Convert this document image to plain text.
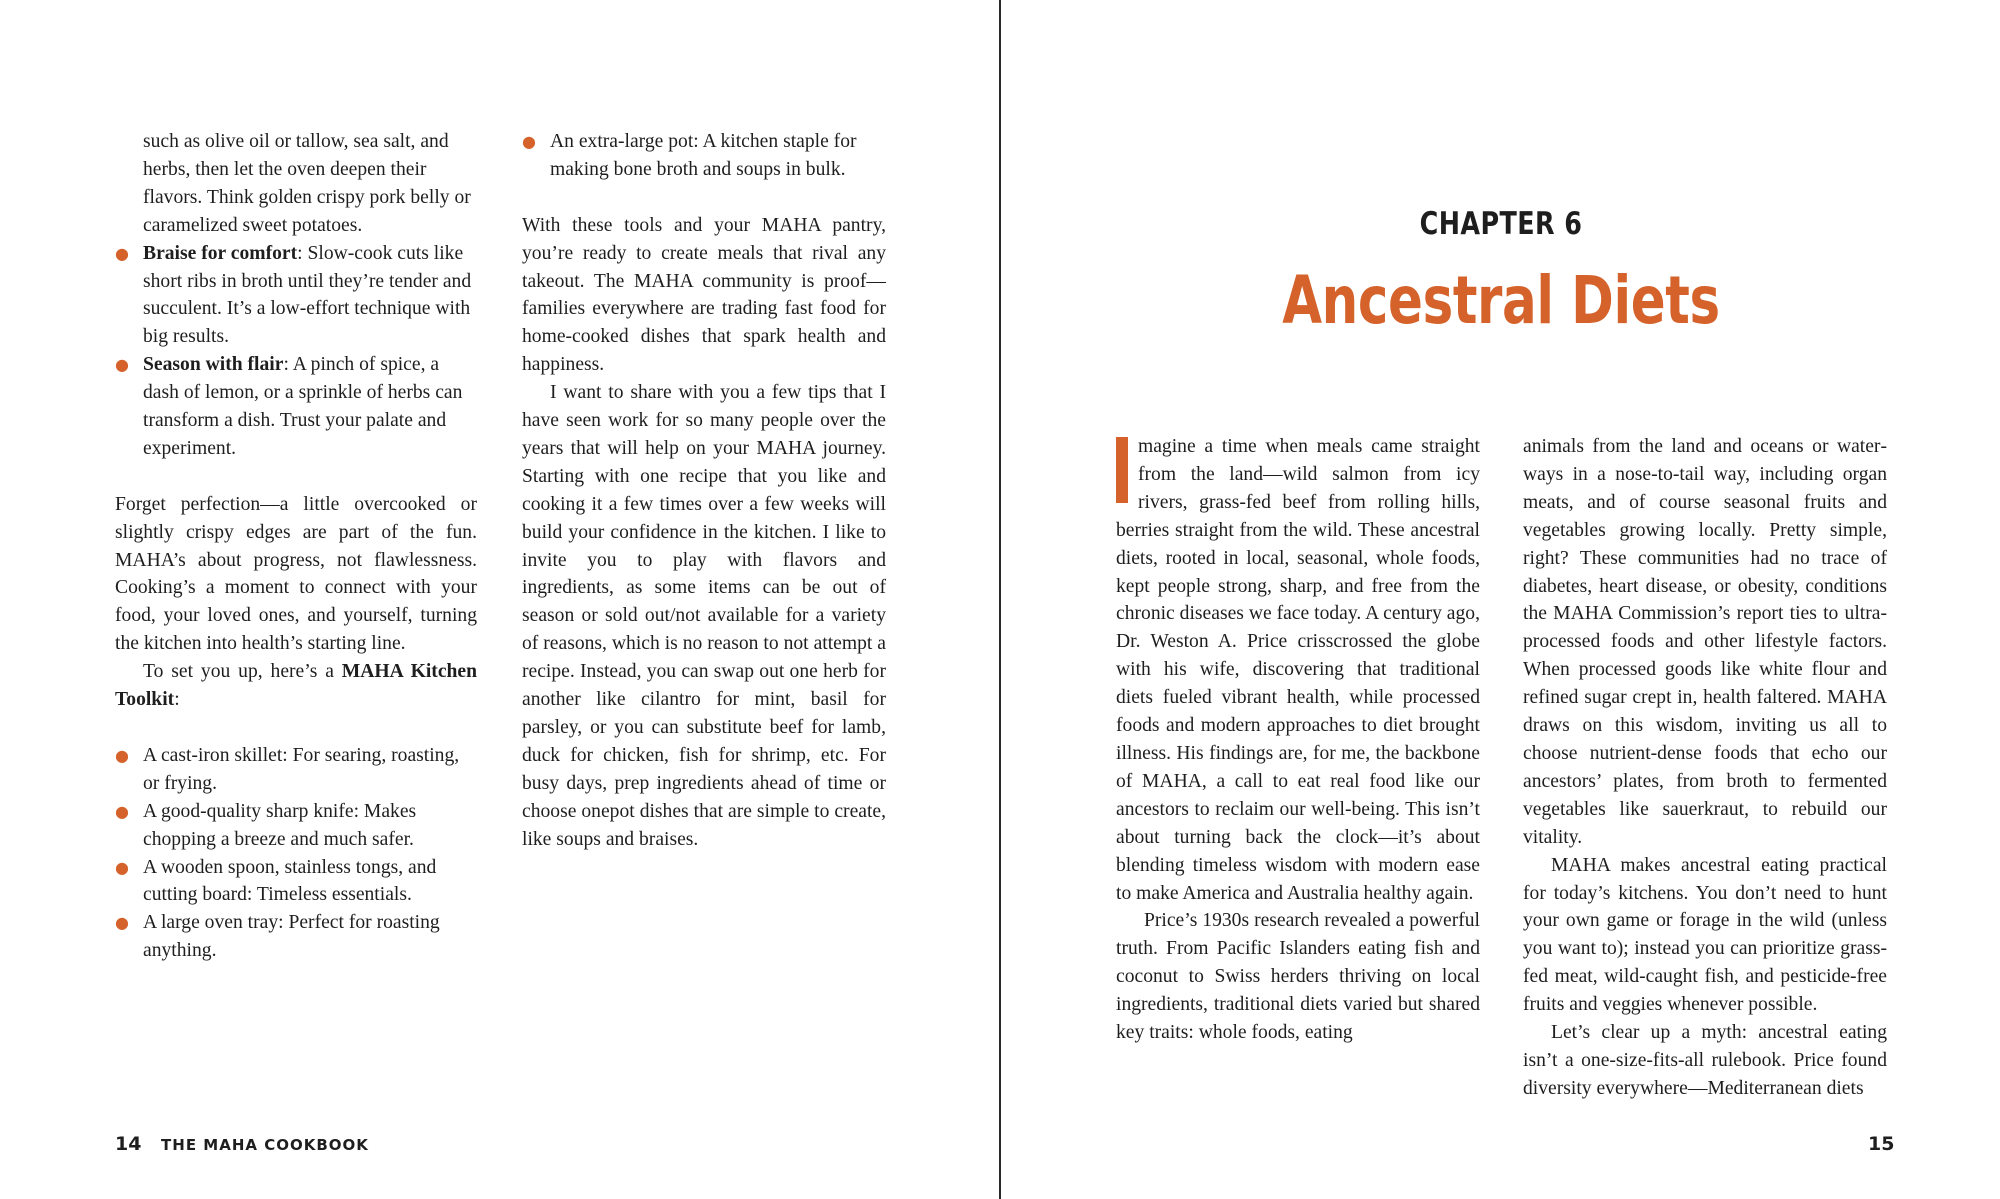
such as olive oil or tallow, sea salt, and herbs, then let the oven deepen their flavors. Think golden crispy pork belly or caramelized sweet potatoes.

● Braise for comfort: Slow-cook cuts like short ribs in broth until they’re tender and succulent. It’s a low-effort technique with big results.
● Season with flair: A pinch of spice, a dash of lemon, or a sprinkle of herbs can transform a dish. Trust your palate and experiment.

Forget perfection—a little overcooked or slightly crispy edges are part of the fun. MAHA’s about progress, not flawlessness. Cooking’s a moment to connect with your food, your loved ones, and yourself, turning the kitchen into health’s starting line.

To set you up, here’s a MAHA Kitchen Toolkit:

● A cast-iron skillet: For searing, roasting, or frying.
● A good-quality sharp knife: Makes chopping a breeze and much safer.
● A wooden spoon, stainless tongs, and cutting board: Timeless essentials.
● A large oven tray: Perfect for roasting anything.
● An extra-large pot: A kitchen staple for making bone broth and soups in bulk.

With these tools and your MAHA pantry, you’re ready to create meals that rival any takeout. The MAHA community is proof—families everywhere are trading fast food for home-cooked dishes that spark health and happiness.

I want to share with you a few tips that I have seen work for so many people over the years that will help on your MAHA journey. Starting with one recipe that you like and cooking it a few times over a few weeks will build your confidence in the kitchen. I like to invite you to play with flavors and ingredients, as some items can be out of season or sold out/not available for a variety of reasons, which is no reason to not attempt a recipe. Instead, you can swap out one herb for another like cilantro for mint, basil for parsley, or you can substitute beef for lamb, duck for chicken, fish for shrimp, etc. For busy days, prep ingredients ahead of time or choose onepot dishes that are simple to create, like soups and braises.

14 THE MAHA COOKBOOK
CHAPTER 6
Ancestral Diets

magine a time when meals came straight from the land—wild salmon from icy rivers, grass-fed beef from rolling hills, berries straight from the wild. These ancestral diets, rooted in local, seasonal, whole foods, kept people strong, sharp, and free from the chronic diseases we face today. A century ago, Dr. Weston A. Price crisscrossed the globe with his wife, discovering that traditional diets fueled vibrant health, while processed foods and modern approaches to diet brought illness. His findings are, for me, the backbone of MAHA, a call to eat real food like our ancestors to reclaim our well-being. This isn’t about turning back the clock—it’s about blending timeless wisdom with modern ease to make America and Australia healthy again.

Price’s 1930s research revealed a powerful truth. From Pacific Islanders eating fish and coconut to Swiss herders thriving on local ingredients, traditional diets varied but shared key traits: whole foods, eating

animals from the land and oceans or waterways in a nose-to-tail way, including organ meats, and of course seasonal fruits and vegetables growing locally. Pretty simple, right? These communities had no trace of diabetes, heart disease, or obesity, conditions the MAHA Commission’s report ties to ultra-processed foods and other lifestyle factors. When processed goods like white flour and refined sugar crept in, health faltered. MAHA draws on this wisdom, inviting us all to choose nutrient-dense foods that echo our ancestors’ plates, from broth to fermented vegetables like sauerkraut, to rebuild our vitality.

MAHA makes ancestral eating practical for today’s kitchens. You don’t need to hunt your own game or forage in the wild (unless you want to); instead you can prioritize grass-fed meat, wild-caught fish, and pesticide-free fruits and veggies whenever possible.

Let’s clear up a myth: ancestral eating isn’t a one-size-fits-all rulebook. Price found diversity everywhere—Mediterranean diets

15
